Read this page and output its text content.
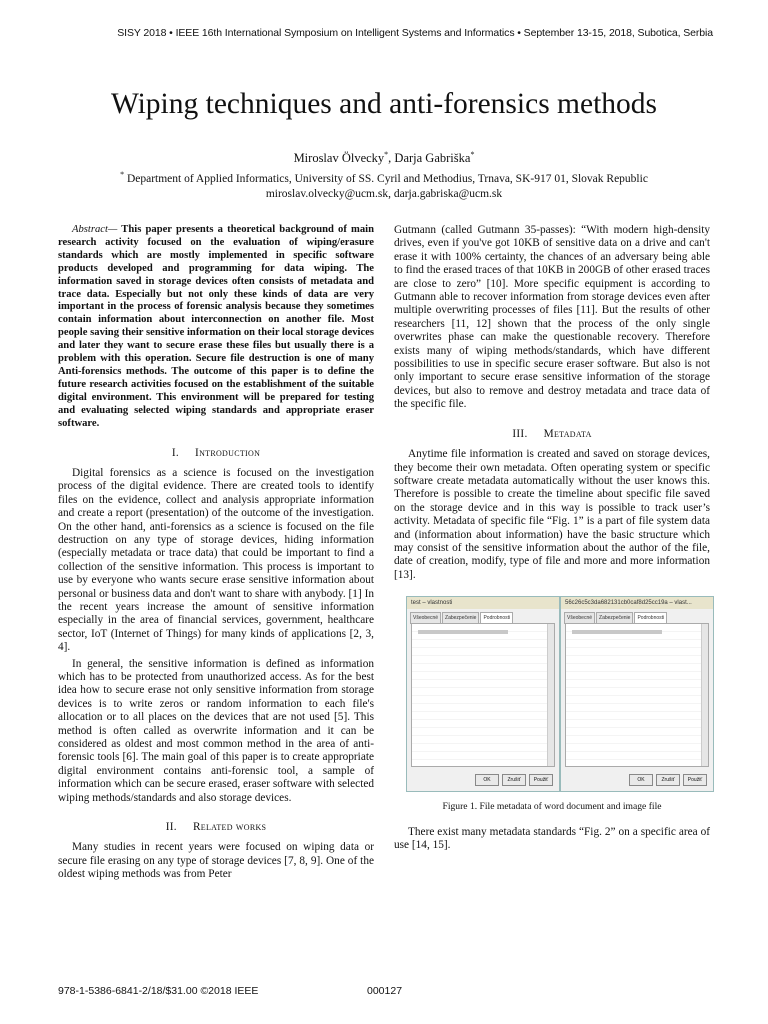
SISY 2018 • IEEE 16th International Symposium on Intelligent Systems and Informatics • September 13-15, 2018, Subotica, Serbia
Wiping techniques and anti-forensics methods
Miroslav Ölvecky*, Darja Gabriška*
* Department of Applied Informatics, University of SS. Cyril and Methodius, Trnava, SK-917 01, Slovak Republic
miroslav.olvecky@ucm.sk, darja.gabriska@ucm.sk

Abstract— This paper presents a theoretical background of main research activity focused on the evaluation of wiping/erasure standards which are mostly implemented in specific software products developed and programming for data wiping. The information saved in storage devices often consists of metadata and trace data. Especially but not only these kinds of data are very important in the process of forensic analysis because they sometimes contain information about interconnection on another file. Most people saving their sensitive information on their local storage devices and later they want to secure erase these files but usually there is a problem with this operation. Secure file destruction is one of many Anti-forensics methods. The outcome of this paper is to define the future research activities focused on the establishment of the suitable digital environment. This environment will be prepared for testing and evaluating selected wiping standards and appropriate eraser software.

I. Introduction

Digital forensics as a science is focused on the investigation process of the digital evidence. There are created tools to identify files on the evidence, collect and analysis appropriate information and create a report (presentation) of the outcome of the investigation. On the other hand, anti-forensics as a science is focused on the file destruction on any type of storage devices, hiding information (especially metadata or trace data) that could be important to find a collection of the sensitive information. This process is important to use by everyone who wants secure erase sensitive information about personal or business data and don't want to share with anybody. [1] In the recent years increase the amount of sensitive information especially in the area of financial services, government, healthcare sector, IoT (Internet of Things) for many kinds of applications [2, 3, 4].

In general, the sensitive information is defined as information which has to be protected from unauthorized access. As for the best idea how to secure erase not only sensitive information from storage devices is to write zeros or random information to each file's allocation or to all places on the devices that are not used [5]. This method is often called as overwrite information and it can be considered as oldest and most common method in the area of anti-forensic tools [6]. The main goal of this paper is to create appropriate digital environment contains anti-forensic tool, a sample of information which can be secure erased, eraser software with selected wiping methods/standards and also storage devices.

II. Related works

Many studies in recent years were focused on wiping data or secure file erasing on any type of storage devices [7, 8, 9]. One of the oldest wiping methods was from Peter

Gutmann (called Gutmann 35-passes): “With modern high-density drives, even if you've got 10KB of sensitive data on a drive and can't erase it with 100% certainty, the chances of an adversary being able to find the erased traces of that 10KB in 200GB of other erased traces are close to zero” [10]. More specific equipment is according to Gutmann able to recover information from storage devices even after multiple overwriting processes of files [11]. But the results of other researchers [11, 12] shown that the process of the only single overwrites phase can make the questionable recovery. Therefore exists many of wiping methods/standards, which have different possibilities to use in specific secure eraser software. But also is not only important to secure erase sensitive information of the storage devices, but also to remove and destroy metadata and trace data of the specific file.

III. Metadata

Anytime file information is created and saved on storage devices, they become their own metadata. Often operating system or specific software create metadata automatically without the user knows this. Therefore is possible to create the timeline about specific file saved on the storage device and in this way is possible to track user’s activity. Metadata of specific file “Fig. 1” is a part of file system data and (information about information) have the basic structure which may consist of the sensitive information about the author of the file, date of creation, modify, type of file and more and more information [13].

test – vlastnosti
Všeobecné Zabezpečenie Podrobnosti
OK	Zrušiť	Použiť
56c26c5c3da682131cb0caf8d25cc19a – vlast...
Všeobecné Zabezpečenie Podrobnosti
OK	Zrušiť	Použiť
Figure 1. File metadata of word document and image file

There exist many metadata standards “Fig. 2” on a specific area of use [14, 15].

978-1-5386-6841-2/18/$31.00 ©2018 IEEE	000127
